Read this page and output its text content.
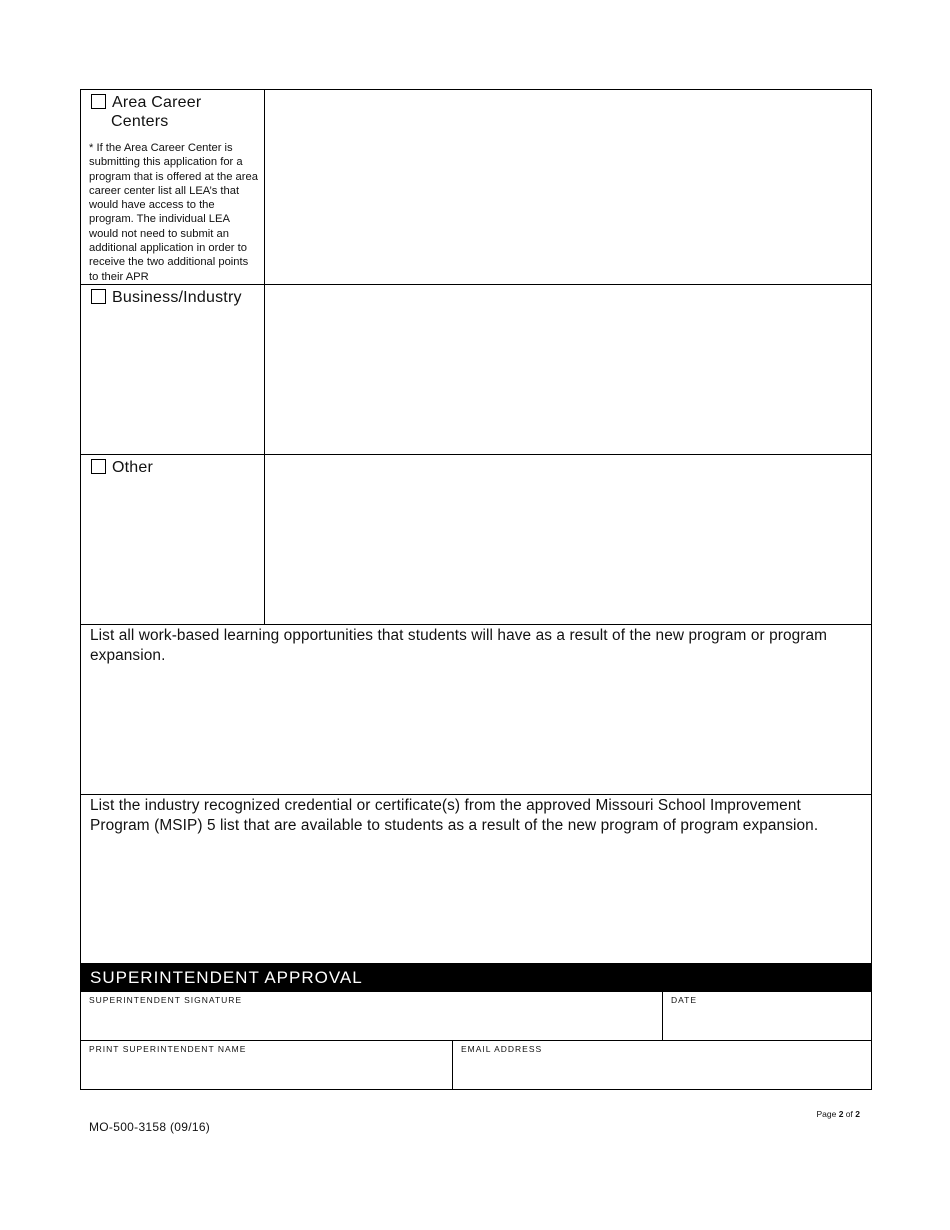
Area Career
Centers
* If the Area Career Center is submitting this application for a program that is offered at the area career center list all LEA’s that would have access to the program. The individual LEA would not need to submit an additional application in order to receive the two additional points to their APR
Business/Industry
Other
List all work-based learning opportunities that students will have as a result of the new program or program expansion.
List the industry recognized credential or certificate(s) from the approved Missouri School Improvement Program (MSIP) 5 list that are available to students as a result of the new program of program expansion.
SUPERINTENDENT APPROVAL
SUPERINTENDENT SIGNATURE	DATE
PRINT SUPERINTENDENT NAME	EMAIL ADDRESS
Page 2 of 2
MO-500-3158 (09/16)
